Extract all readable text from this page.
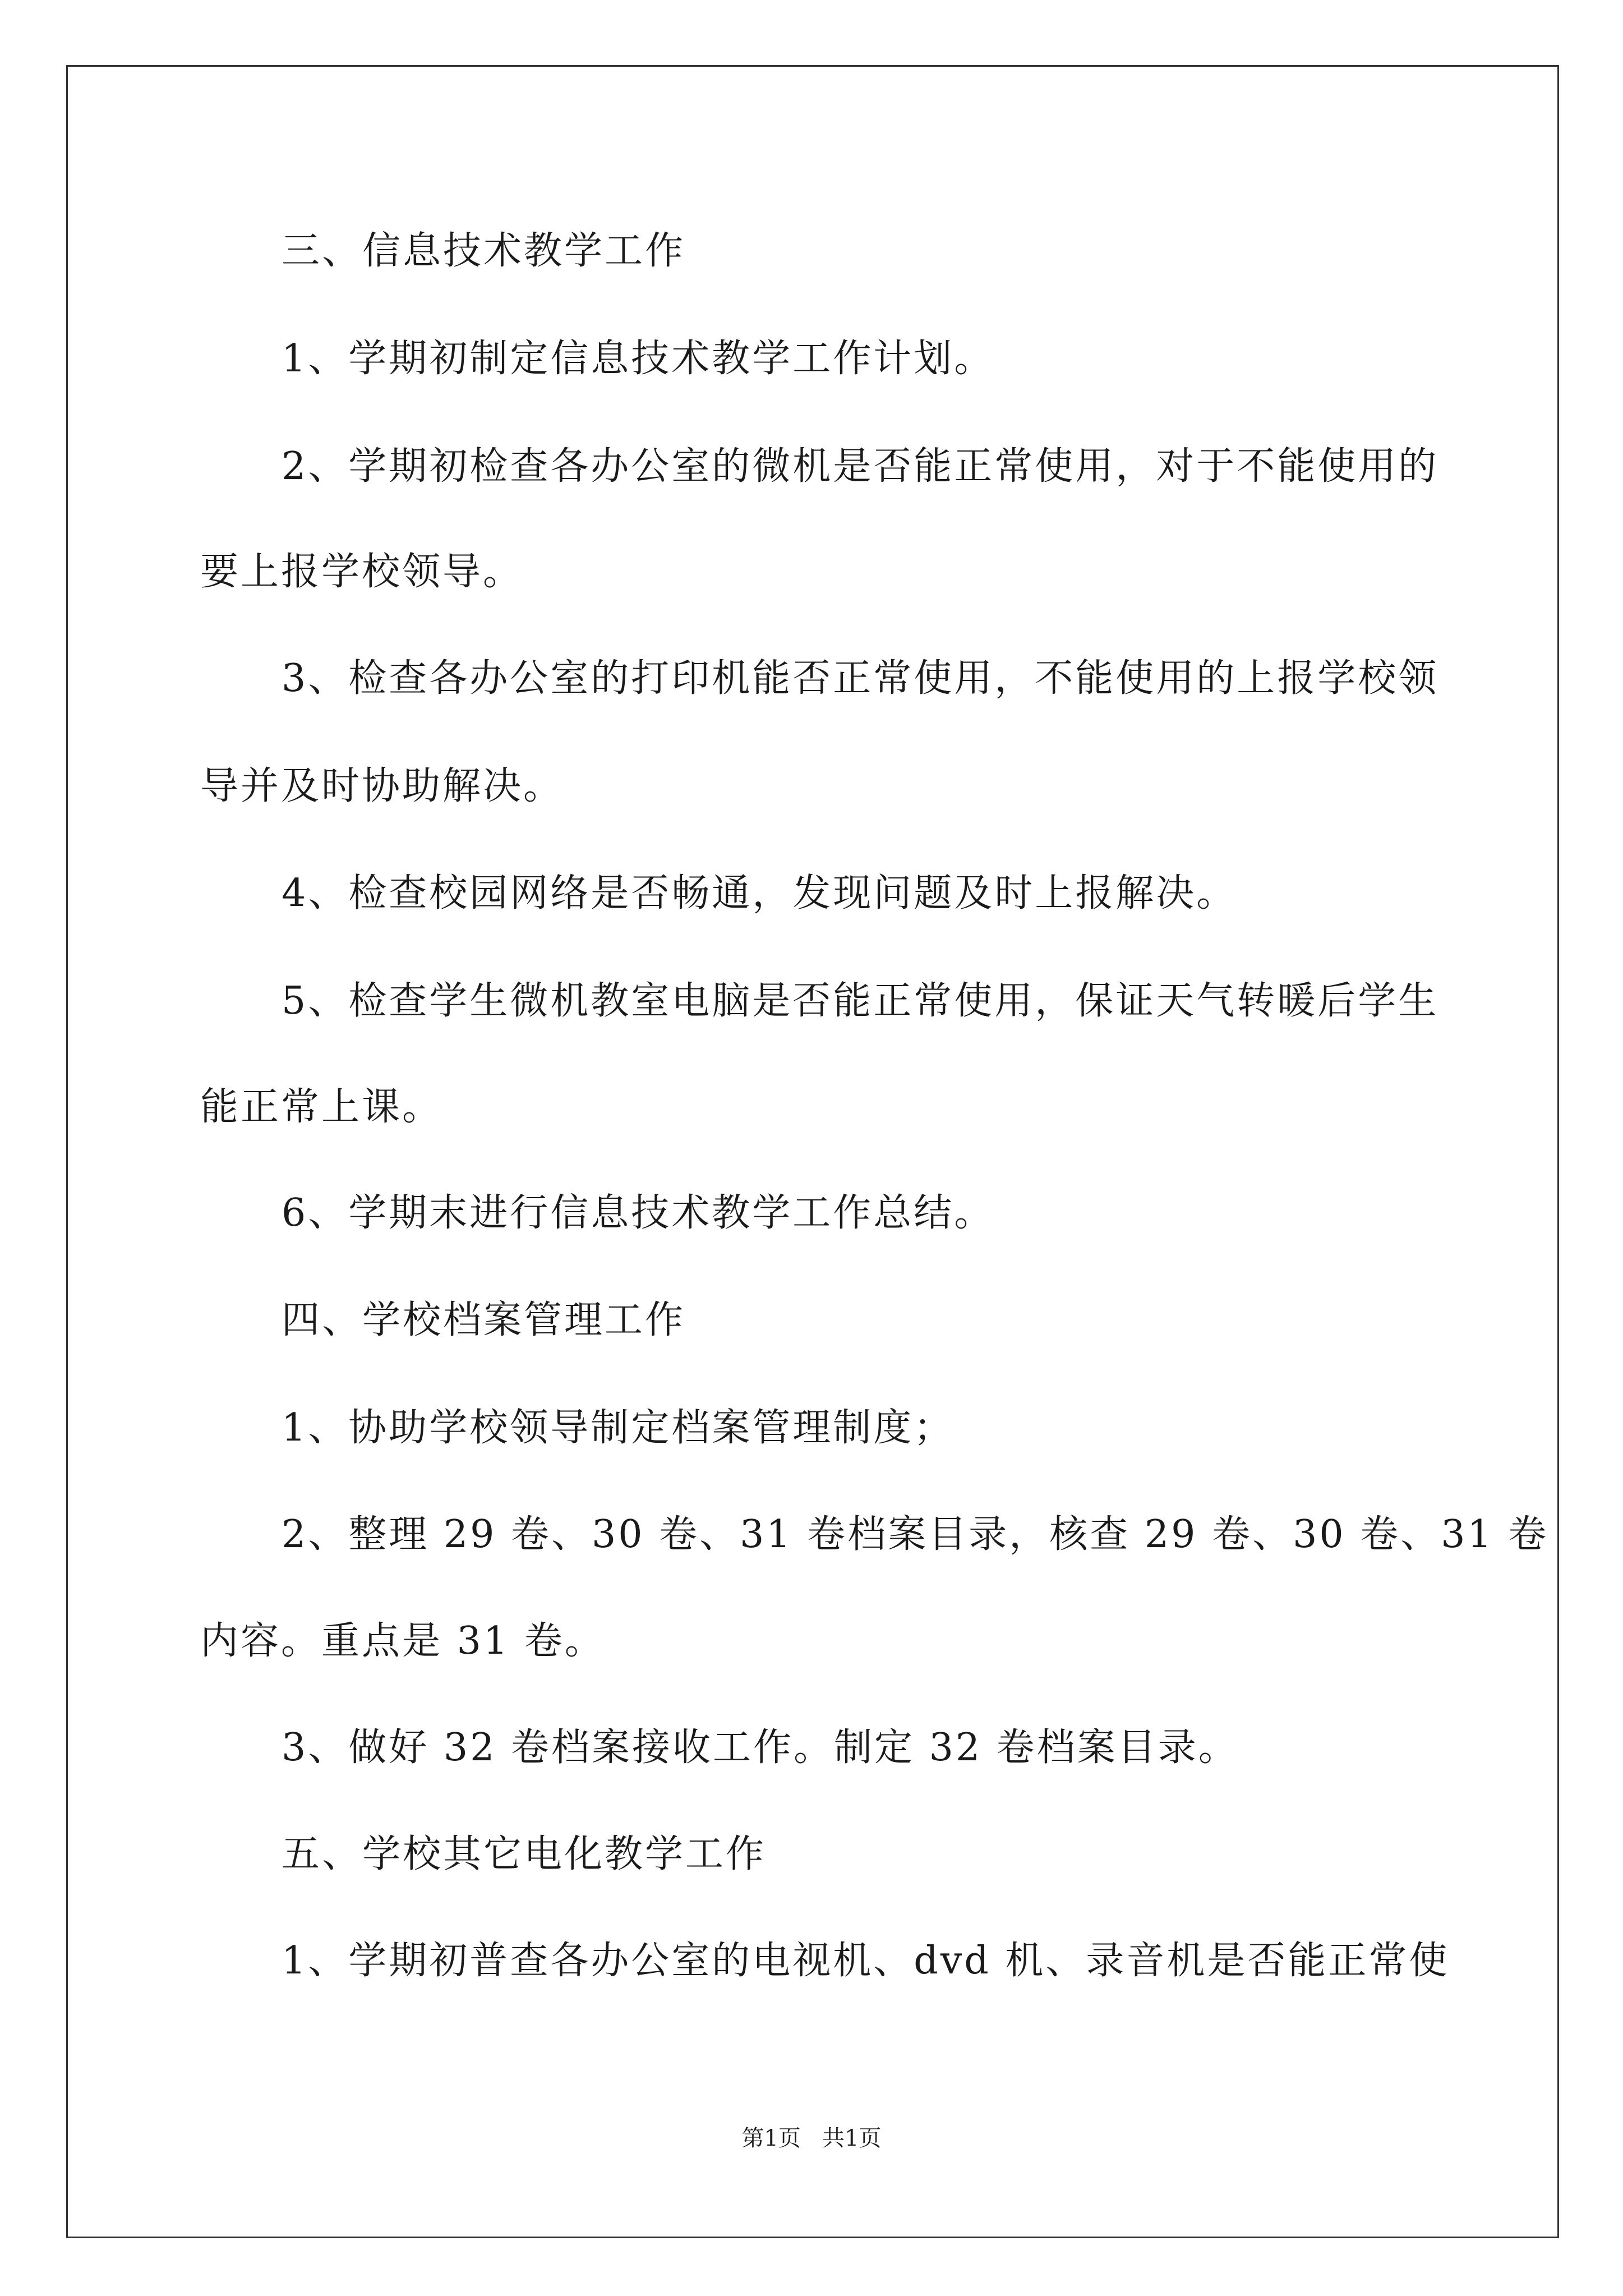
三、信息技术教学工作
1、学期初制定信息技术教学工作计划。
2、学期初检查各办公室的微机是否能正常使用，对于不能使用的
要上报学校领导。
3、检查各办公室的打印机能否正常使用，不能使用的上报学校领
导并及时协助解决。
4、检查校园网络是否畅通，发现问题及时上报解决。
5、检查学生微机教室电脑是否能正常使用，保证天气转暖后学生
能正常上课。
6、学期末进行信息技术教学工作总结。
四、学校档案管理工作
1、协助学校领导制定档案管理制度；
2、整理 29 卷、30 卷、31 卷档案目录，核查 29 卷、30 卷、31 卷
内容。重点是 31 卷。
3、做好 32 卷档案接收工作。制定 32 卷档案目录。
五、学校其它电化教学工作
1、学期初普查各办公室的电视机、dvd 机、录音机是否能正常使
第1页   共1页
